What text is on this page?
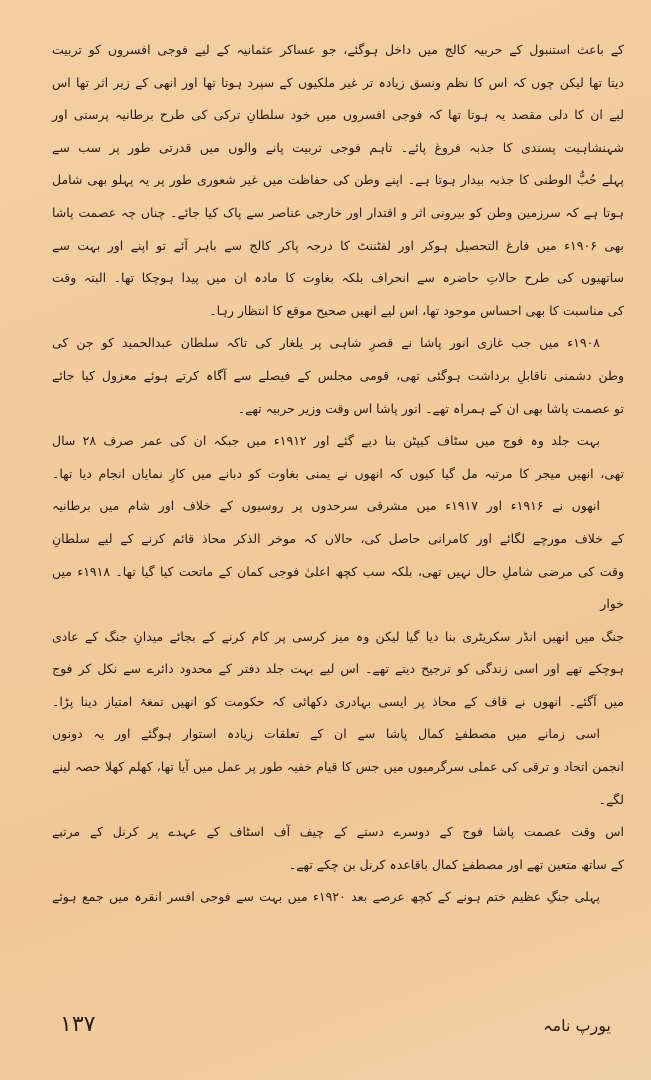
کے باعث استنبول کے حربیہ کالج میں داخل ہوگئے، جو عساکر عثمانیہ کے لیے فوجی افسروں کو تربیت
دیتا تھا لیکن چوں کہ اس کا نظم ونسق زیادہ تر غیر ملکیوں کے سپرد ہوتا تھا اور انھی کے زیر اثر تھا اس
لیے ان کا دلی مقصد یہ ہوتا تھا کہ فوجی افسروں میں خود سلطانِ ترکی کی طرح برطانیہ پرستی اور
شہنشاہیت پسندی کا جذبہ فروغ پائے۔ تاہم فوجی تربیت پانے والوں میں قدرتی طور پر سب سے
پہلے حُبُّ الوطنی کا جذبہ بیدار ہوتا ہے۔ اپنے وطن کی حفاظت میں غیر شعوری طور پر یہ پہلو بھی شامل
ہوتا ہے کہ سرزمین وطن کو بیرونی اثر و اقتدار اور خارجی عناصر سے پاک کیا جائے۔ چناں چہ عصمت پاشا
بھی ۱۹۰۶ء میں فارغ التحصیل ہوکر اور لفٹننٹ کا درجہ پاکر کالج سے باہر آئے تو اپنے اور بہت سے
ساتھیوں کی طرح حالاتِ حاضرہ سے انحراف بلکہ بغاوت کا مادہ ان میں پیدا ہوچکا تھا۔ البتہ وقت
کی مناسبت کا بھی احساس موجود تھا، اس لیے انھیں صحیح موقع کا انتظار رہا۔
۱۹۰۸ء میں جب غازی انور پاشا نے قصرِ شاہی پر یلغار کی تاکہ سلطان عبدالحمید کو جن کی
وطن دشمنی ناقابلِ برداشت ہوگئی تھی، قومی مجلس کے فیصلے سے آگاہ کرتے ہوئے معزول کیا جائے
تو عصمت پاشا بھی ان کے ہمراہ تھے۔ انور پاشا اس وقت وزیر حربیہ تھے۔
بہت جلد وہ فوج میں سٹاف کیپٹن بنا دیے گئے اور ۱۹۱۲ء میں جبکہ ان کی عمر صرف ۲۸ سال
تھی، انھیں میجر کا مرتبہ مل گیا کیوں کہ انھوں نے یمنی بغاوت کو دبانے میں کارِ نمایاں انجام دیا تھا۔
انھوں نے ۱۹۱۶ء اور ۱۹۱۷ء میں مشرقی سرحدوں پر روسیوں کے خلاف اور شام میں برطانیہ
کے خلاف مورچے لگائے اور کامرانی حاصل کی، حالاں کہ موخر الذکر محاذ قائم کرنے کے لیے سلطانِ
وقت کی مرضی شاملِ حال نہیں تھی، بلکہ سب کچھ اعلیٰ فوجی کمان کے ماتحت کیا گیا تھا۔ ۱۹۱۸ء میں خوار
جنگ میں انھیں انڈر سکریٹری بنا دیا گیا لیکن وہ میز کرسی پر کام کرنے کے بجائے میدانِ جنگ کے عادی
ہوچکے تھے اور اسی زندگی کو ترجیح دیتے تھے۔ اس لیے بہت جلد دفتر کے محدود دائرے سے نکل کر فوج
میں آگئے۔ انھوں نے قاف کے محاذ پر ایسی بہادری دکھائی کہ حکومت کو انھیں تمغۂ امتیاز دینا پڑا۔
اسی زمانے میں مصطفےٰ کمال پاشا سے ان کے تعلقات زیادہ استوار ہوگئے اور یہ دونوں
انجمن اتحاد و ترقی کی عملی سرگرمیوں میں جس کا قیام خفیہ طور پر عمل میں آیا تھا، کھلم کھلا حصہ لینے لگے۔
اس وقت عصمت پاشا فوج کے دوسرے دستے کے چیف آف اسٹاف کے عہدے پر کرنل کے مرتبے
کے ساتھ متعین تھے اور مصطفےٰ کمال باقاعدہ کرنل بن چکے تھے۔
پہلی جنگِ عظیم ختم ہونے کے کچھ عرصے بعد ۱۹۲۰ء میں بہت سے فوجی افسر انقرہ میں جمع ہوئے
۱۳۷	یورپ نامہ
